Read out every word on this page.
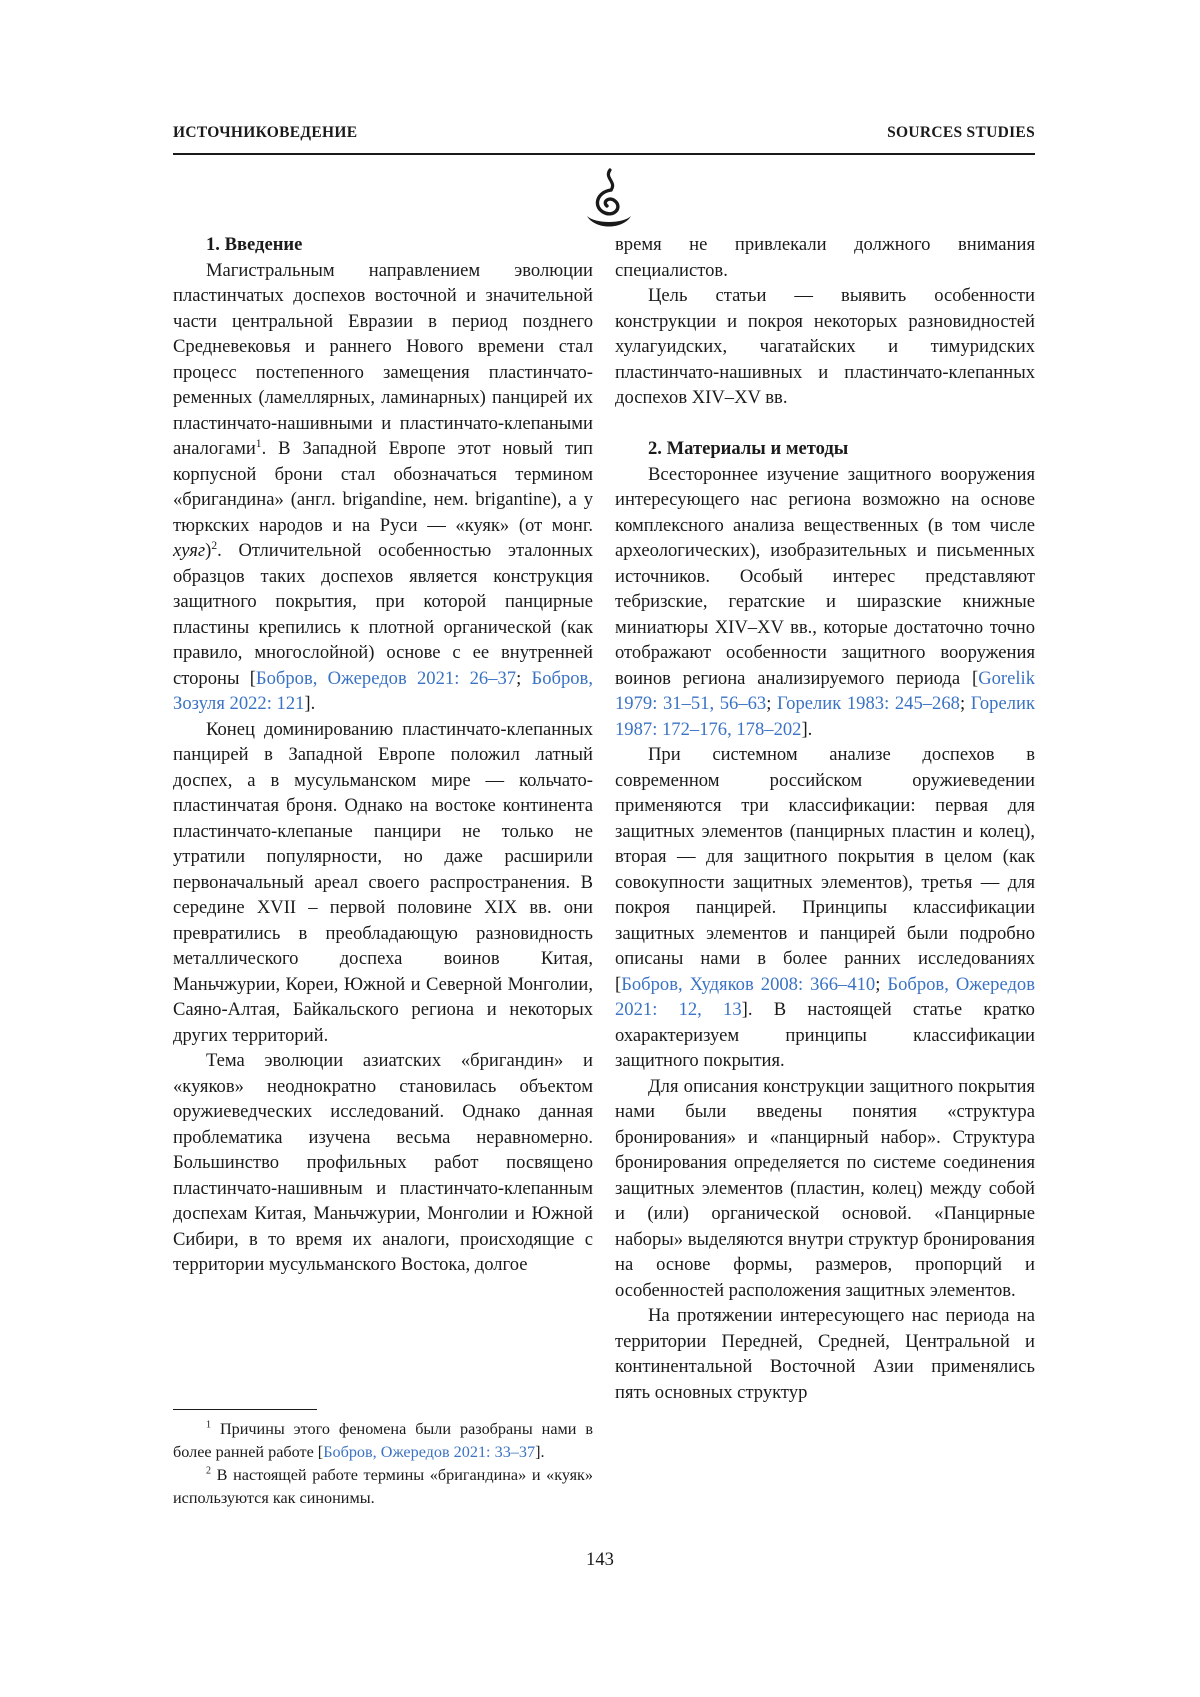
ИСТОЧНИКОВЕДЕНИЕ	SOURCES STUDIES
1. Введение

Магистральным направлением эволюции пластинчатых доспехов восточной и значительной части центральной Евразии в период позднего Средневековья и раннего Нового времени стал процесс постепенного замещения пластинчато-ременных (ламеллярных, ламинарных) панцирей их пластинчато-нашивными и пластинчато-клепаными аналогами$^1$. В Западной Европе этот новый тип корпусной брони стал обозначаться термином «бригандина» (англ. brigandine, нем. brigantine), а у тюркских народов и на Руси — «куяк» (от монг. хуяг)$^2$. Отличительной особенностью эталонных образцов таких доспехов является конструкция защитного покрытия, при которой панцирные пластины крепились к плотной органической (как правило, многослойной) основе с ее внутренней стороны [Бобров, Ожередов 2021: 26–37; Бобров, Зозуля 2022: 121].

Конец доминированию пластинчато-клепанных панцирей в Западной Европе положил латный доспех, а в мусульманском мире — кольчато-пластинчатая броня. Однако на востоке континента пластинчато-клепаные панцири не только не утратили популярности, но даже расширили первоначальный ареал своего распространения. В середине XVII – первой половине XIX вв. они превратились в преобладающую разновидность металлического доспеха воинов Китая, Маньчжурии, Кореи, Южной и Северной Монголии, Саяно-Алтая, Байкальского региона и некоторых других территорий.

Тема эволюции азиатских «бригандин» и «куяков» неоднократно становилась объектом оружиеведческих исследований. Однако данная проблематика изучена весьма неравномерно. Большинство профильных работ посвящено пластинчато-нашивным и пластинчато-клепанным доспехам Китая, Маньчжурии, Монголии и Южной Сибири, в то время их аналоги, происходящие с территории мусульманского Востока, долгое

$^1$ Причины этого феномена были разобраны нами в более ранней работе [Бобров, Ожередов 2021: 33–37].

$^2$ В настоящей работе термины «бригандина» и «куяк» используются как синонимы.

время не привлекали должного внимания специалистов.

Цель статьи — выявить особенности конструкции и покроя некоторых разновидностей хулагуидских, чагатайских и тимуридских пластинчато-нашивных и пластинчато-клепанных доспехов XIV–XV вв.

2. Материалы и методы

Всестороннее изучение защитного вооружения интересующего нас региона возможно на основе комплексного анализа вещественных (в том числе археологических), изобразительных и письменных источников. Особый интерес представляют тебризские, гератские и ширазские книжные миниатюры XIV–XV вв., которые достаточно точно отображают особенности защитного вооружения воинов региона анализируемого периода [Gorelik 1979: 31–51, 56–63; Горелик 1983: 245–268; Горелик 1987: 172–176, 178–202].

При системном анализе доспехов в современном российском оружиеведении применяются три классификации: первая для защитных элементов (панцирных пластин и колец), вторая — для защитного покрытия в целом (как совокупности защитных элементов), третья — для покроя панцирей. Принципы классификации защитных элементов и панцирей были подробно описаны нами в более ранних исследованиях [Бобров, Худяков 2008: 366–410; Бобров, Ожередов 2021: 12, 13]. В настоящей статье кратко охарактеризуем принципы классификации защитного покрытия.

Для описания конструкции защитного покрытия нами были введены понятия «структура бронирования» и «панцирный набор». Структура бронирования определяется по системе соединения защитных элементов (пластин, колец) между собой и (или) органической основой. «Панцирные наборы» выделяются внутри структур бронирования на основе формы, размеров, пропорций и особенностей расположения защитных элементов.

На протяжении интересующего нас периода на территории Передней, Средней, Центральной и континентальной Восточной Азии применялись пять основных структур

143
